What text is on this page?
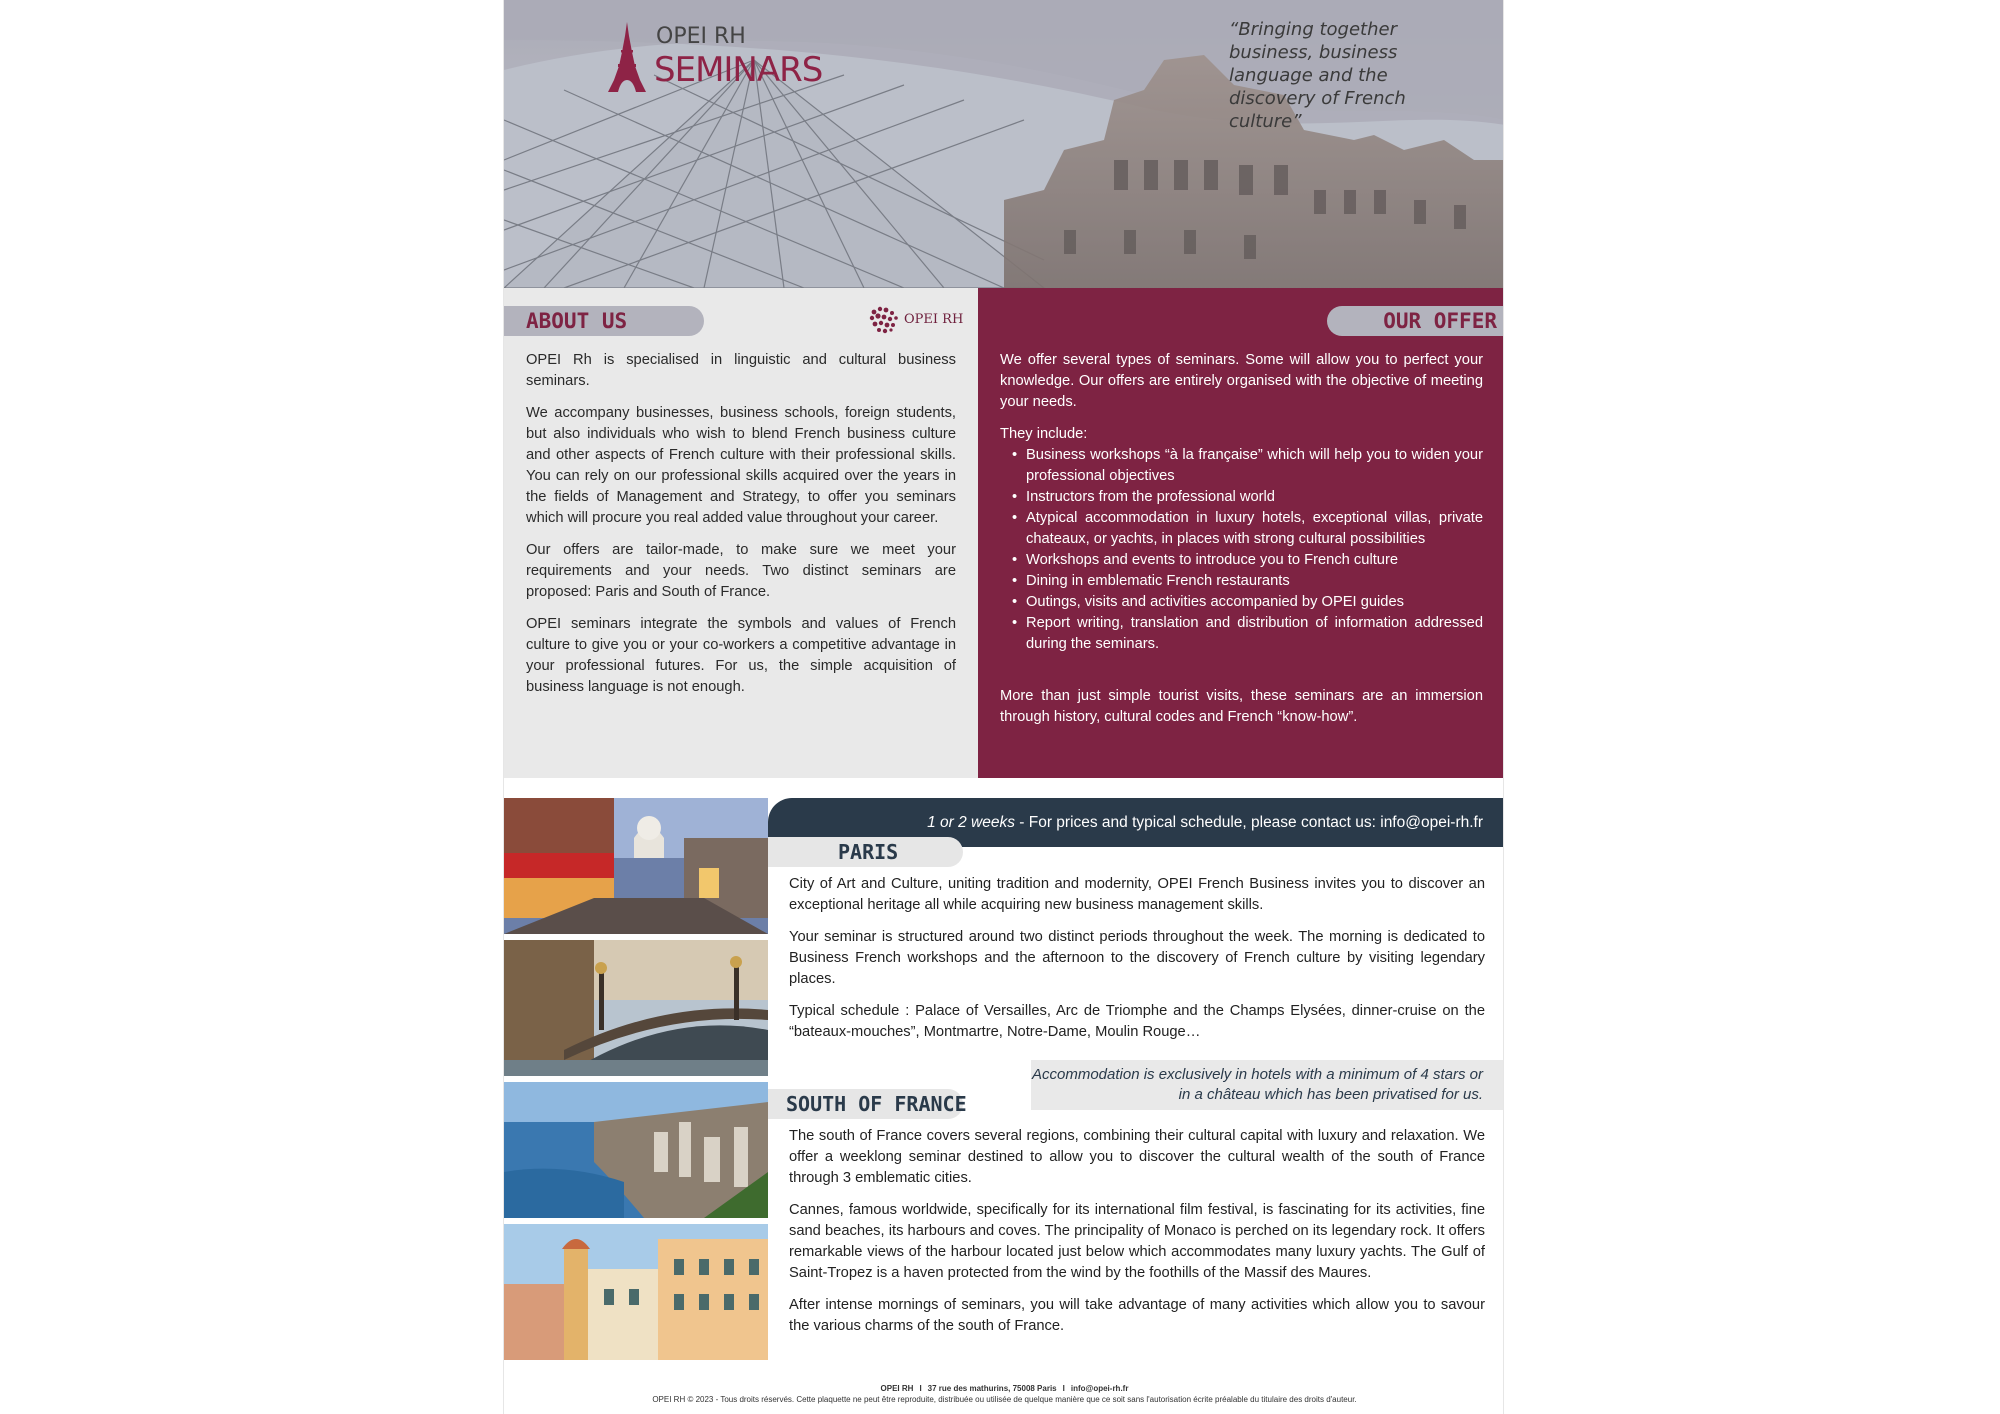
OPEI RH
SEMINARS
“Bringing together business, business language and the discovery of French culture”
ABOUT US	OPEI RH

OPEI Rh is specialised in linguistic and cultural business seminars.

We accompany businesses, business schools, foreign students, but also individuals who wish to blend French business culture and other aspects of French culture with their professional skills. You can rely on our professional skills acquired over the years in the fields of Management and Strategy, to offer you seminars which will procure you real added value throughout your career.

Our offers are tailor-made, to make sure we meet your requirements and your needs. Two distinct seminars are proposed: Paris and South of France.

OPEI seminars integrate the symbols and values of French culture to give you or your co-workers a competitive advantage in your professional futures. For us, the simple acquisition of business language is not enough.

OUR OFFER

We offer several types of seminars. Some will allow you to perfect your knowledge. Our offers are entirely organised with the objective of meeting your needs.

They include:
• Business workshops “à la française” which will help you to widen your professional objectives
• Instructors from the professional world
• Atypical accommodation in luxury hotels, exceptional villas, private chateaux, or yachts, in places with strong cultural possibilities
• Workshops and events to introduce you to French culture
• Dining in emblematic French restaurants
• Outings, visits and activities accompanied by OPEI guides
• Report writing, translation and distribution of information addressed during the seminars.

More than just simple tourist visits, these seminars are an immersion through history, cultural codes and French “know-how”.

1 or 2 weeks - For prices and typical schedule, please contact us: info@opei-rh.fr
PARIS

City of Art and Culture, uniting tradition and modernity, OPEI French Business invites you to discover an exceptional heritage all while acquiring new business management skills.

Your seminar is structured around two distinct periods throughout the week. The morning is dedicated to Business French workshops and the afternoon to the discovery of French culture by visiting legendary places.

Typical schedule : Palace of Versailles, Arc de Triomphe and the Champs Elysées, dinner-cruise on the “bateaux-mouches”, Montmartre, Notre-Dame, Moulin Rouge…

Accommodation is exclusively in hotels with a minimum of 4 stars or in a château which has been privatised for us.
SOUTH OF FRANCE

The south of France covers several regions, combining their cultural capital with luxury and relaxation. We offer a weeklong seminar destined to allow you to discover the cultural wealth of the south of France through 3 emblematic cities.

Cannes, famous worldwide, specifically for its international film festival, is fascinating for its activities, fine sand beaches, its harbours and coves. The principality of Monaco is perched on its legendary rock. It offers remarkable views of the harbour located just below which accommodates many luxury yachts. The Gulf of Saint-Tropez is a haven protected from the wind by the foothills of the Massif des Maures.

After intense mornings of seminars, you will take advantage of many activities which allow you to savour the various charms of the south of France.

OPEI RH I 37 rue des mathurins, 75008 Paris I info@opei-rh.fr
OPEI RH © 2023 - Tous droits réservés. Cette plaquette ne peut être reproduite, distribuée ou utilisée de quelque manière que ce soit sans l'autorisation écrite préalable du titulaire des droits d'auteur.
